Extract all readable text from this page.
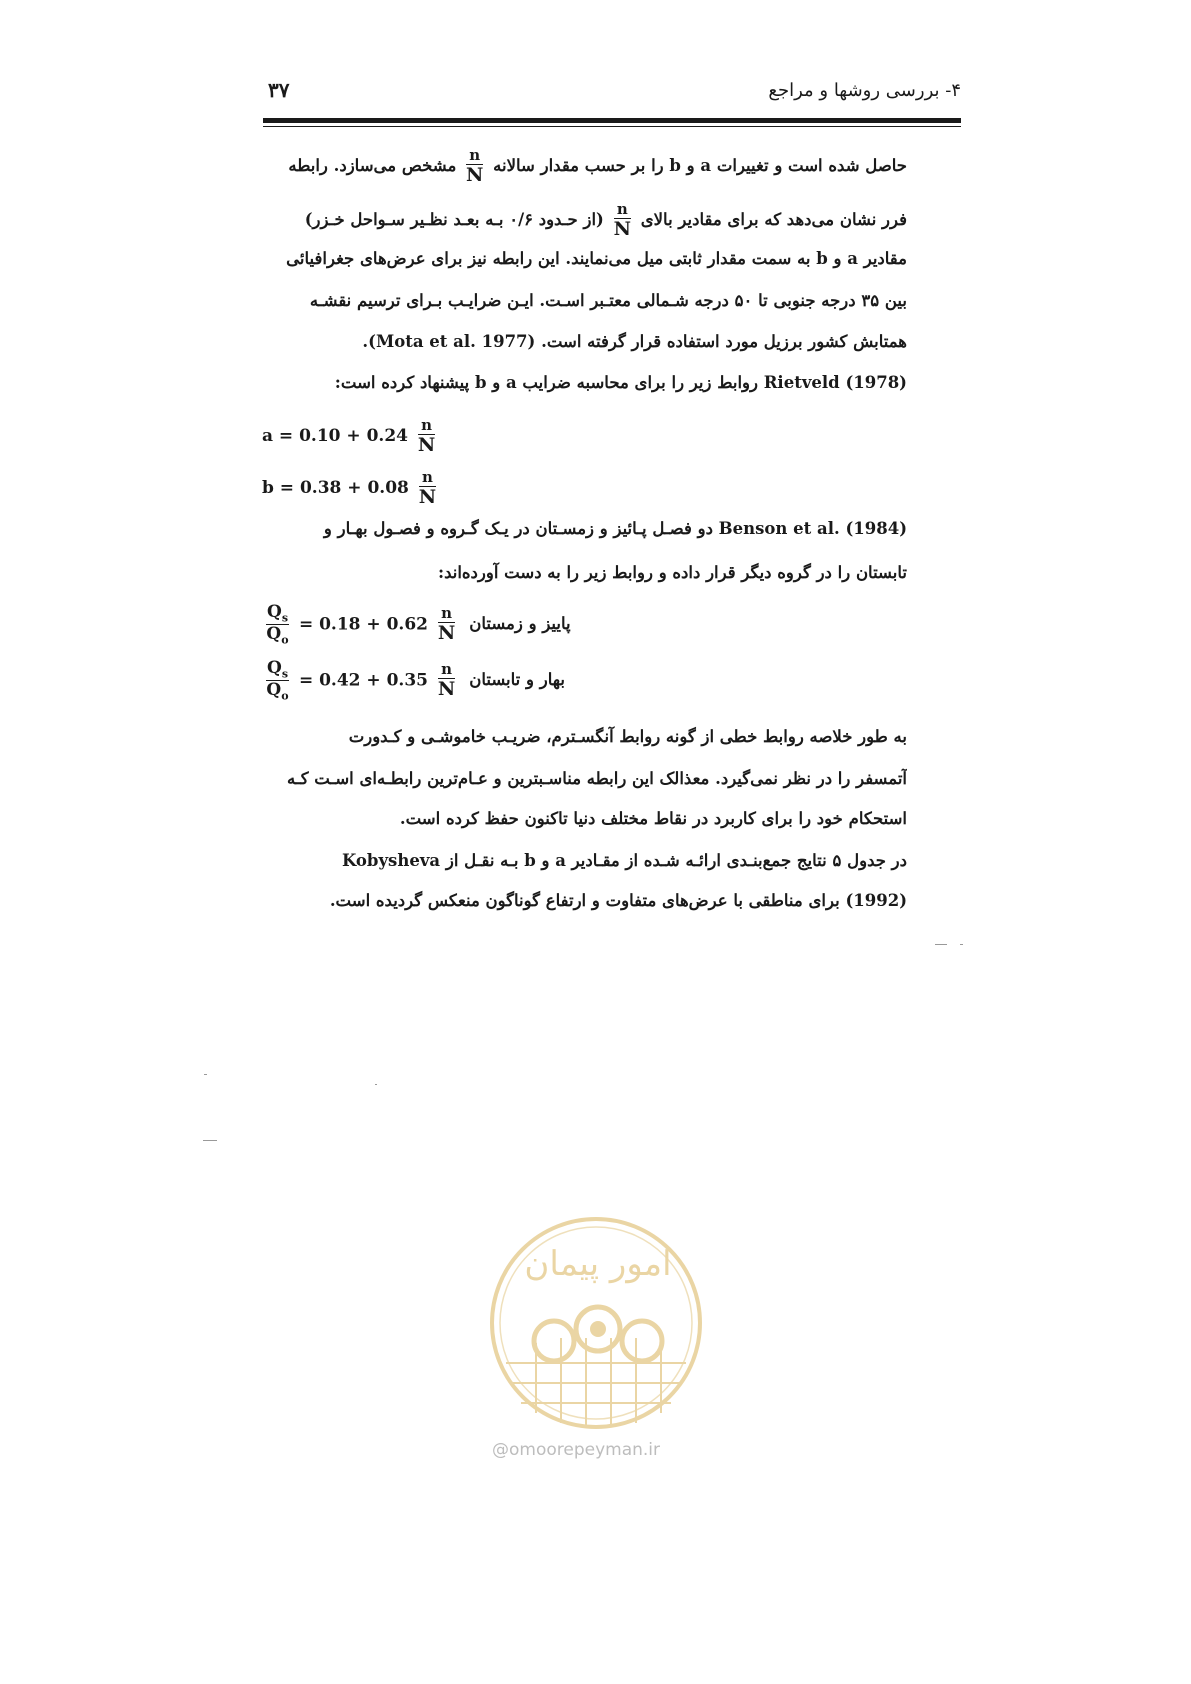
۳۷	۴- بررسی روشها و مراجع
حاصل شده است و تغییرات a و b را بر حسب مقدار سالانه
$\frac{n}{N}$
مشخص می‌سازد. رابطه
فرر نشان می‌دهد که برای مقادیر بالای
$\frac{n}{N}$
(از حـدود ۰/۶ بـه بعـد نظـیر سـواحل خـزر)
مقادیر a و b به سمت مقدار ثابتی میل می‌نمایند. این رابطه نیز برای عرض‌های جغرافیائی
بین ۳۵ درجه جنوبی تا ۵۰ درجه شـمالی معتـبر اسـت. ایـن ضرایـب بـرای ترسیم نقشـه
همتابش کشور برزیل مورد استفاده قرار گرفته است. (Mota et al. 1977).
Rietveld (1978) روابط زیر را برای محاسبه ضرایب a و b پیشنهاد کرده است:
$a = 0.10 + 0.24 \frac{n}{N}$
$b = 0.38 + 0.08 \frac{n}{N}$
Benson et al. (1984) دو فصـل پـائیز و زمسـتان در یـک گـروه و فصـول بهـار و
تابستان را در گروه دیگر قرار داده و روابط زیر را به دست آورده‌اند:
$\frac{Q_s}{Q_o} = 0.18 + 0.62 \frac{n}{N}$ پاییز و زمستان
$\frac{Q_s}{Q_o} = 0.42 + 0.35 \frac{n}{N}$ بهار و تابستان
به طور خلاصه روابط خطی از گونه روابط آنگسـترم، ضریـب خاموشـی و کـدورت
آتمسفر را در نظر نمی‌گیرد. معذالک این رابطه مناسـبترین و عـام‌ترین رابطـه‌ای اسـت کـه
استحکام خود را برای کاربرد در نقاط مختلف دنیا تاکنون حفظ کرده است.
در جدول ۵ نتایج جمع‌بنـدی ارائـه شـده از مقـادیر a و b بـه نقـل از Kobysheva
(1992) برای مناطقی با عرض‌های متفاوت و ارتفاع گوناگون منعکس گردیده است.
امور پیمان
@omoorepeyman.ir
